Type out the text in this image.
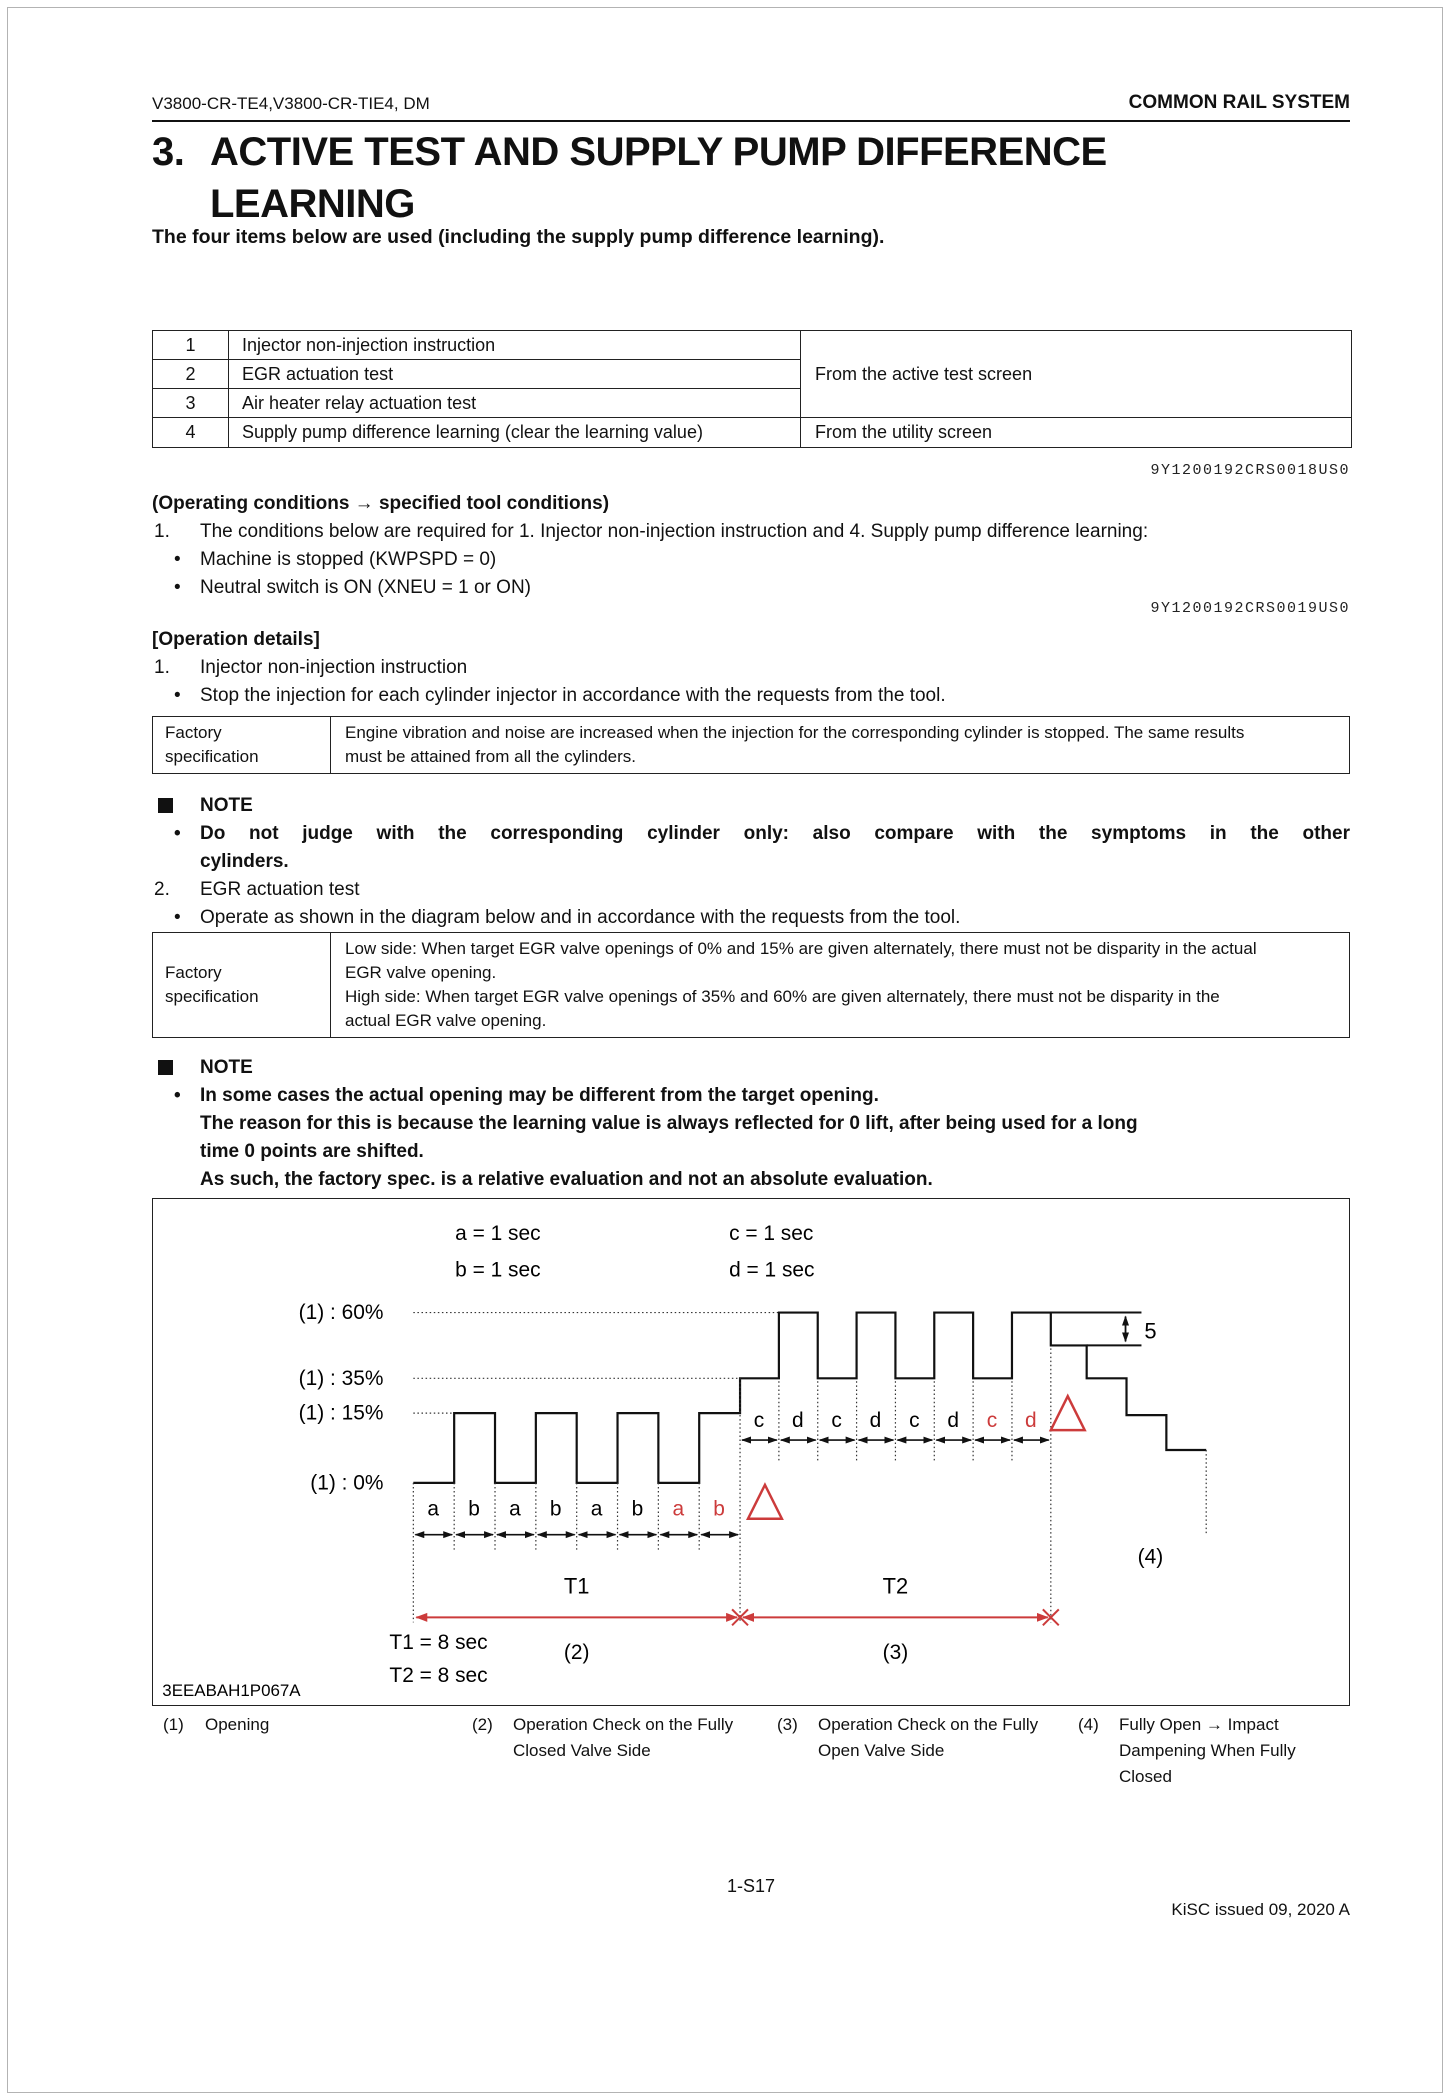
V3800-CR-TE4,V3800-CR-TIE4, DM	COMMON RAIL SYSTEM
3. ACTIVE TEST AND SUPPLY PUMP DIFFERENCE
LEARNING
The four items below are used (including the supply pump difference learning).
1	Injector non-injection instruction
From the active test screen
2	EGR actuation test
3	Air heater relay actuation test
4	Supply pump difference learning (clear the learning value)	From the utility screen
9Y1200192CRS0018US0
(Operating conditions → specified tool conditions)
1. The conditions below are required for 1. Injector non-injection instruction and 4. Supply pump difference learning:
• Machine is stopped (KWPSPD = 0)
• Neutral switch is ON (XNEU = 1 or ON)
9Y1200192CRS0019US0
[Operation details]
1. Injector non-injection instruction
• Stop the injection for each cylinder injector in accordance with the requests from the tool.
Factory
specification
Engine vibration and noise are increased when the injection for the corresponding cylinder is stopped. The same results
must be attained from all the cylinders.
NOTE
• Do not judge with the corresponding cylinder only: also compare with the symptoms in the other
cylinders.
2. EGR actuation test
• Operate as shown in the diagram below and in accordance with the requests from the tool.
Factory
specification
Low side: When target EGR valve openings of 0% and 15% are given alternately, there must not be disparity in the actual
EGR valve opening.
High side: When target EGR valve openings of 35% and 60% are given alternately, there must not be disparity in the
actual EGR valve opening.
NOTE
• In some cases the actual opening may be different from the target opening.
The reason for this is because the learning value is always reflected for 0 lift, after being used for a long
time 0 points are shifted.
As such, the factory spec. is a relative evaluation and not an absolute evaluation.
a = 1 sec
b = 1 sec
c = 1 sec
d = 1 sec
(1) : 60%
(1) : 35%
(1) : 15%
(1) : 0%
5
a b a b a b a b
c d c d c d c d
T1	T2
(2)	(3)
(4)
T1 = 8 sec
T2 = 8 sec
3EEABAH1P067A
(1) Opening	(2) Operation Check on the Fully
Closed Valve Side
(3) Operation Check on the Fully
Open Valve Side
(4) Fully Open → Impact
Dampening When Fully
Closed
1-S17
KiSC issued 09, 2020 A
